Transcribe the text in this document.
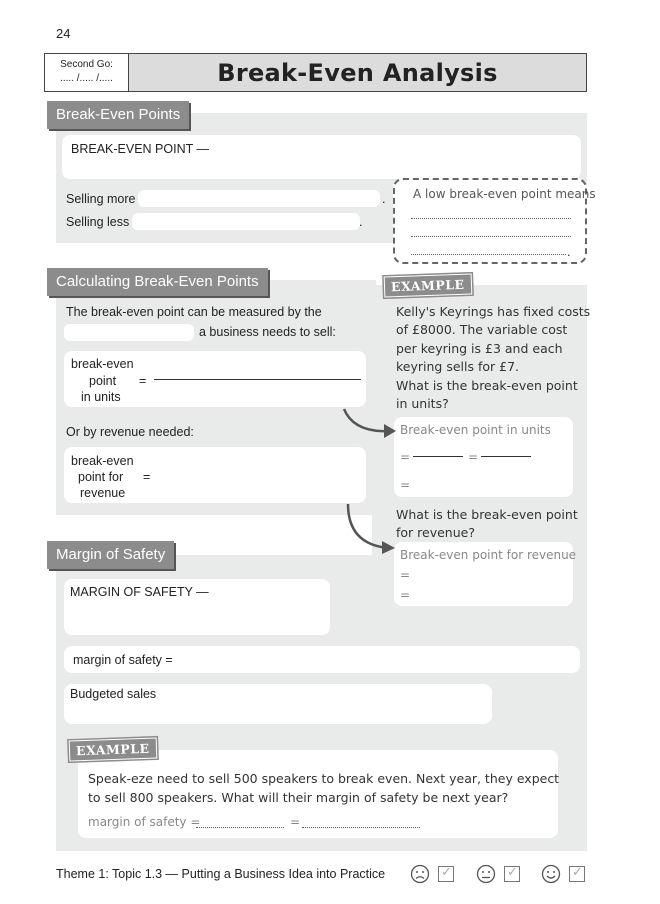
24
Second Go:
..... /..... /.....	Break-Even Analysis
Break-Even Points
BREAK-EVEN POINT —
Selling more	.
Selling less	.
A low break-even point means
.
Calculating Break-Even Points
The break-even point can be measured by the
a business needs to sell:
break-even
point
in units
=
Or by revenue needed:
break-even
point for
revenue
=
EXAMPLE
Kelly's Keyrings has fixed costs
of £8000. The variable cost
per keyring is £3 and each
keyring sells for £7.
What is the break-even point
in units?
Break-even point in units
=	=
=
What is the break-even point
for revenue?
Break-even point for revenue
=
=
Margin of Safety
MARGIN OF SAFETY —
margin of safety =
Budgeted sales
EXAMPLE
Speak-eze need to sell 500 speakers to break even. Next year, they expect
to sell 800 speakers. What will their margin of safety be next year?
margin of safety =	=
Theme 1: Topic 1.3 — Putting a Business Idea into Practice	✓	✓	✓
